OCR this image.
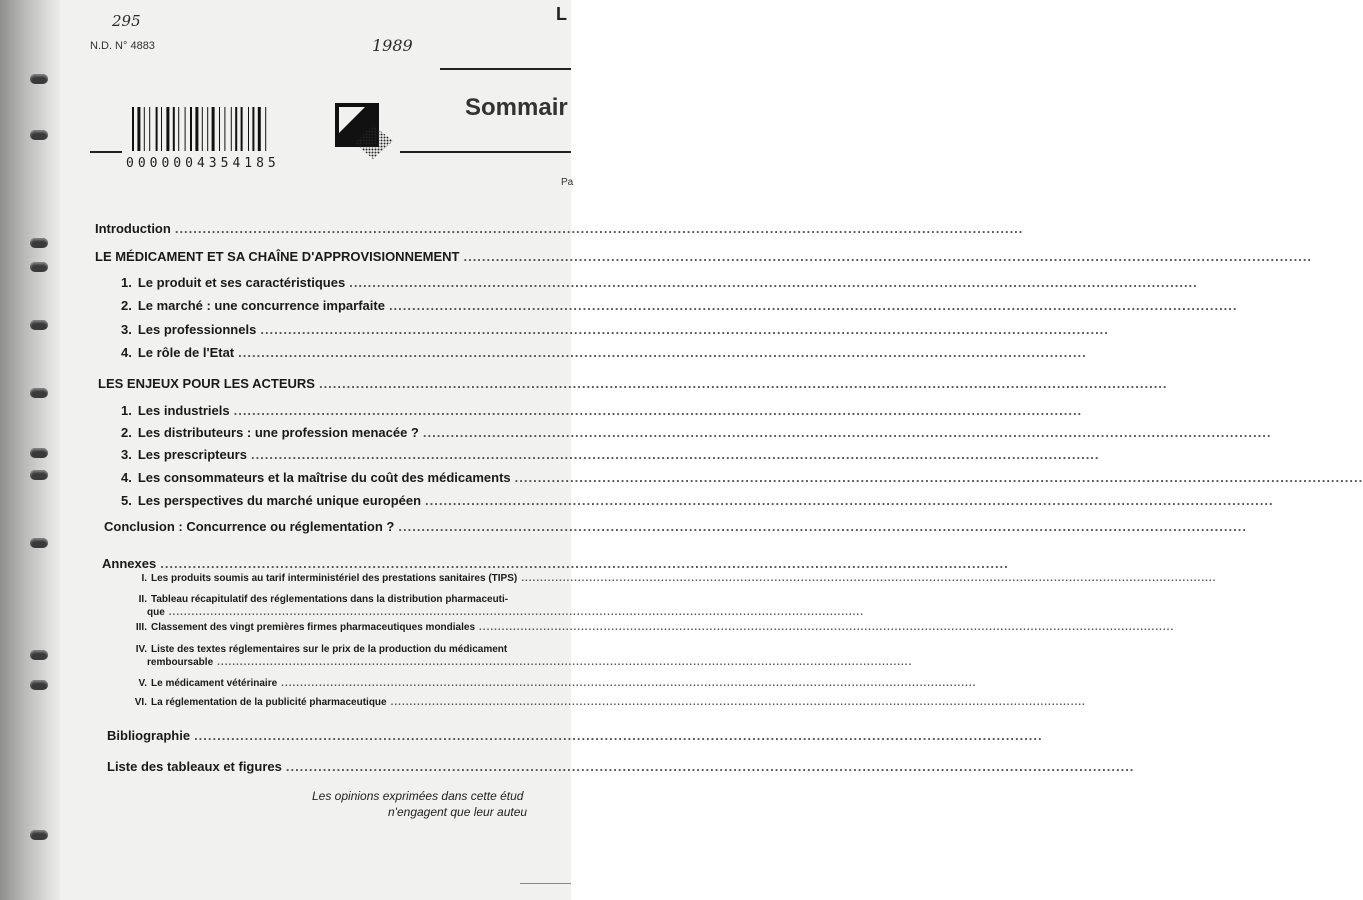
295
1989
N.D. N° 4883
L
0000004354185
Sommair
Pa
Introduction
.....
LE MÉDICAMENT ET SA CHAÎNE D'APPROVISIONNEMENT
.....
1. Le produit et ses caractéristiques
.....
2. Le marché : une concurrence imparfaite
.....
3. Les professionnels
.....
4. Le rôle de l'Etat
.....
LES ENJEUX POUR LES ACTEURS
.....
1. Les industriels
.....
2. Les distributeurs : une profession menacée ?
.....
3. Les prescripteurs
.....
4. Les consommateurs et la maîtrise du coût des médicaments
.....
5. Les perspectives du marché unique européen
.....
Conclusion : Concurrence ou réglementation ?
.....
Annexes
.....
I. Les produits soumis au tarif interministériel des prestations sanitaires (TIPS)
.....
II. Tableau récapitulatif des réglementations dans la distribution pharmaceuti-
que
.....
III. Classement des vingt premières firmes pharmaceutiques mondiales
.....
IV. Liste des textes réglementaires sur le prix de la production du médicament
remboursable
.....
V. Le médicament vétérinaire
.....
VI. La réglementation de la publicité pharmaceutique
.....
Bibliographie
.....
Liste des tableaux et figures
.....
Les opinions exprimées dans cette étud
n'engagent que leur auteu
